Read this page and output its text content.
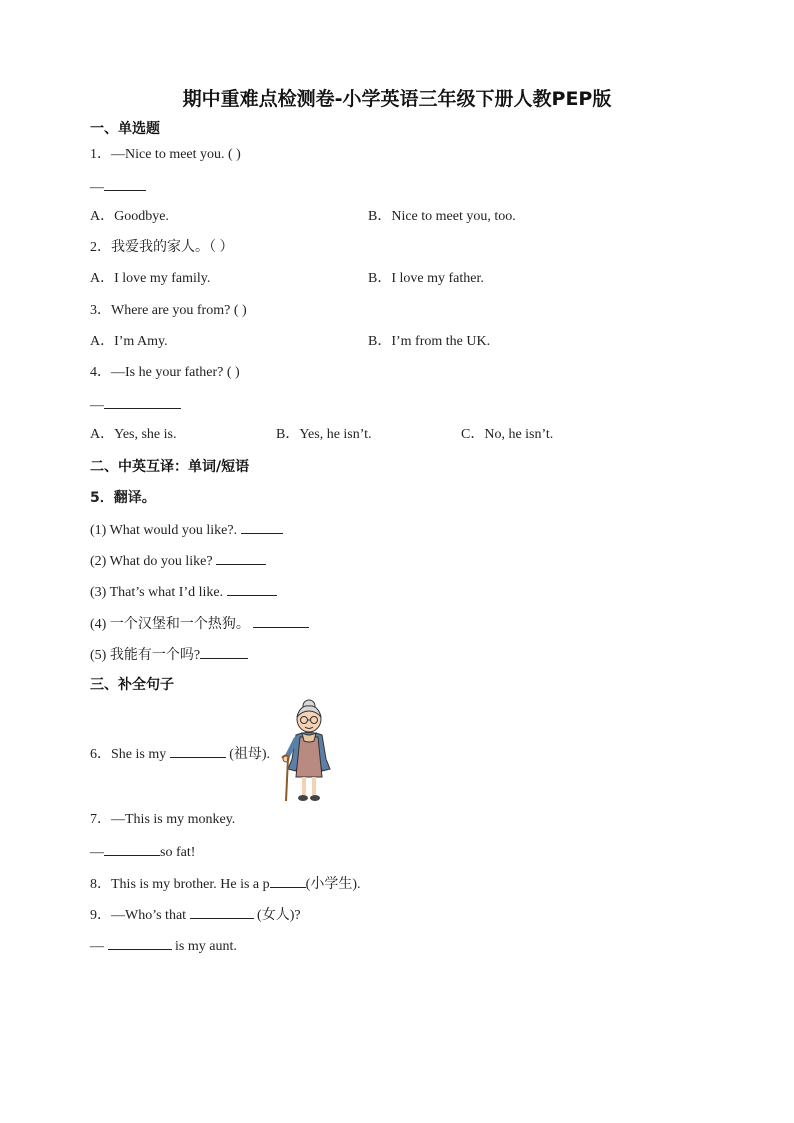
期中重难点检测卷-小学英语三年级下册人教PEP版
一、单选题
1．—Nice to meet you. ( )
—
A．Goodbye.	B．Nice to meet you, too.
2．我爱我的家人。（ ）
A．I love my family.	B．I love my father.
3．Where are you from? ( )
A．I’m Amy.	B．I’m from the UK.
4．—Is he your father? ( )
—
A．Yes, she is.	B．Yes, he isn’t.	C．No, he isn’t.
二、中英互译：单词/短语
5．翻译。
(1) What would you like?.
(2) What do you like?
(3) That’s what I’d like.
(4) 一个汉堡和一个热狗。
(5) 我能有一个吗?
三、补全句子
6．She is my	(祖母).
7．—This is my monkey.
—	so fat!
8．This is my brother. He is a p	(小学生).
9．—Who’s that	(女人)?
—	is my aunt.
